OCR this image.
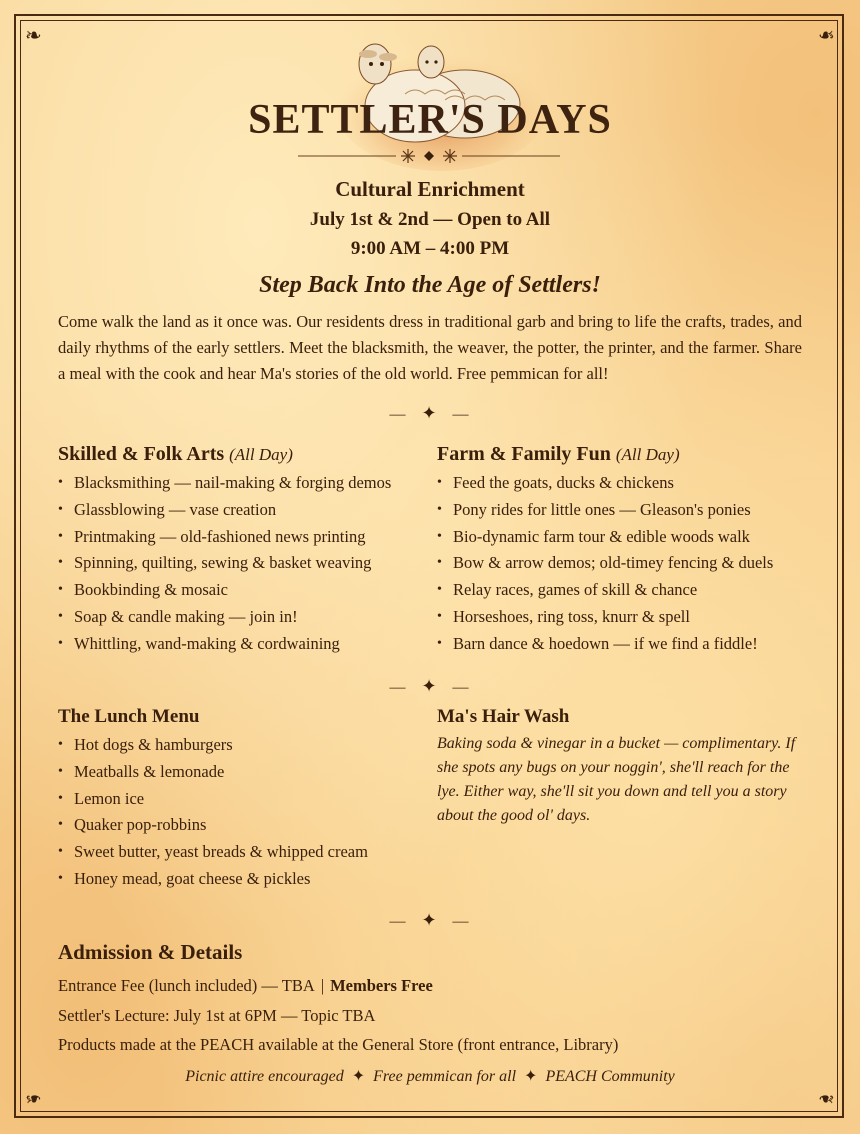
❧	❧
❧	❧
SETTLER'S DAYS
Cultural Enrichment
July 1st & 2nd — Open to All
9:00 AM – 4:00 PM
Step Back Into the Age of Settlers!

Come walk the land as it once was. Our residents dress in traditional garb and bring to life the crafts, trades, and daily rhythms of the early settlers. Meet the blacksmith, the weaver, the potter, the printer, and the farmer. Share a meal with the cook and hear Ma's stories of the old world. Free pemmican for all!

— ✦ —
Skilled & Folk Arts (All Day)
• Blacksmithing — nail-making & forging demos
• Glassblowing — vase creation
• Printmaking — old-fashioned news printing
• Spinning, quilting, sewing & basket weaving
• Bookbinding & mosaic
• Soap & candle making — join in!
• Whittling, wand-making & cordwaining
Farm & Family Fun (All Day)
• Feed the goats, ducks & chickens
• Pony rides for little ones — Gleason's ponies
• Bio-dynamic farm tour & edible woods walk
• Bow & arrow demos; old-timey fencing & duels
• Relay races, games of skill & chance
• Horseshoes, ring toss, knurr & spell
• Barn dance & hoedown — if we find a fiddle!
— ✦ —
The Lunch Menu
• Hot dogs & hamburgers
• Meatballs & lemonade
• Lemon ice
• Quaker pop-robbins
• Sweet butter, yeast breads & whipped cream
• Honey mead, goat cheese & pickles
Ma's Hair Wash

Baking soda & vinegar in a bucket — complimentary. If she spots any bugs on your noggin', she'll reach for the lye. Either way, she'll sit you down and tell you a story about the good ol' days.

— ✦ —
Admission & Details
Entrance Fee (lunch included) — TBA | Members Free
Settler's Lecture: July 1st at 6PM — Topic TBA
Products made at the PEACH available at the General Store (front entrance, Library)
Picnic attire encouraged ✦ Free pemmican for all ✦ PEACH Community
